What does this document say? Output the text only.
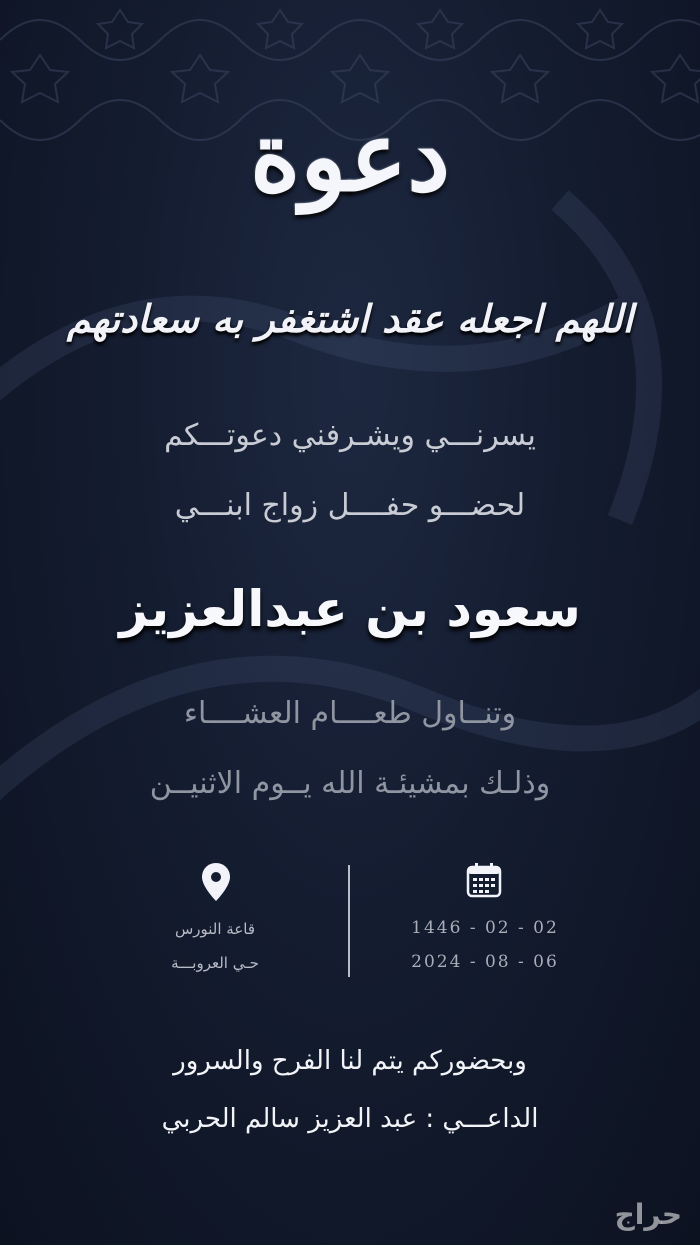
دعوة
اللهم اجعله عقد اشتغفر به سعادتهم
يسرنـــي ويشـرفني دعوتـــكم
لحضـــو حفــــل زواج ابنـــي
سعود بن عبدالعزيز
وتنــاول طعــــام العشــــاء
وذلـك بمشيئـة الله يــوم الاثنيــن
قاعة النورس
حـي العروبـــة
1446 - 02 - 02
2024 - 08 - 06
وبحضوركم يتم لنا الفرح والسرور
الداعـــي : عبد العزيز سالم الحربي
حراج
